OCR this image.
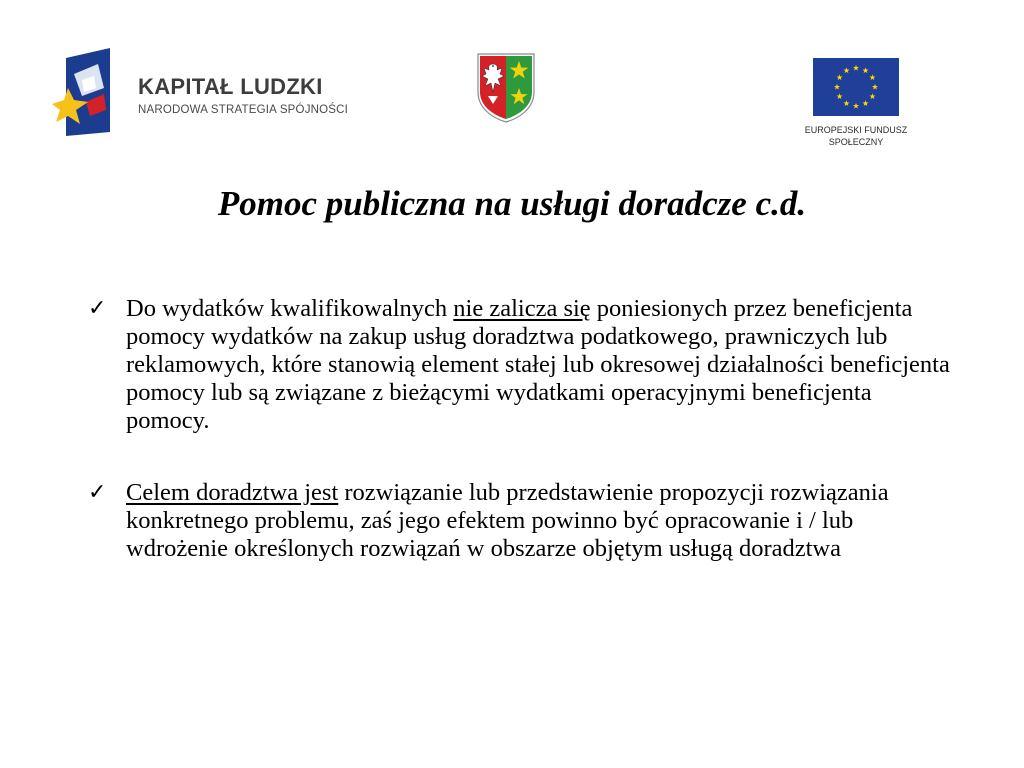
KAPITAŁ LUDZKI
NARODOWA STRATEGIA SPÓJNOŚCI
EUROPEJSKI FUNDUSZ
SPOŁECZNY
Pomoc publiczna na usługi doradcze c.d.
✓ Do wydatków kwalifikowalnych nie zalicza się poniesionych przez beneficjenta pomocy wydatków na zakup usług doradztwa podatkowego, prawniczych lub reklamowych, które stanowią element stałej lub okresowej działalności beneficjenta pomocy lub są związane z bieżącymi wydatkami operacyjnymi beneficjenta pomocy.
✓ Celem doradztwa jest rozwiązanie lub przedstawienie propozycji rozwiązania konkretnego problemu, zaś jego efektem powinno być opracowanie i / lub wdrożenie określonych rozwiązań w obszarze objętym usługą doradztwa
